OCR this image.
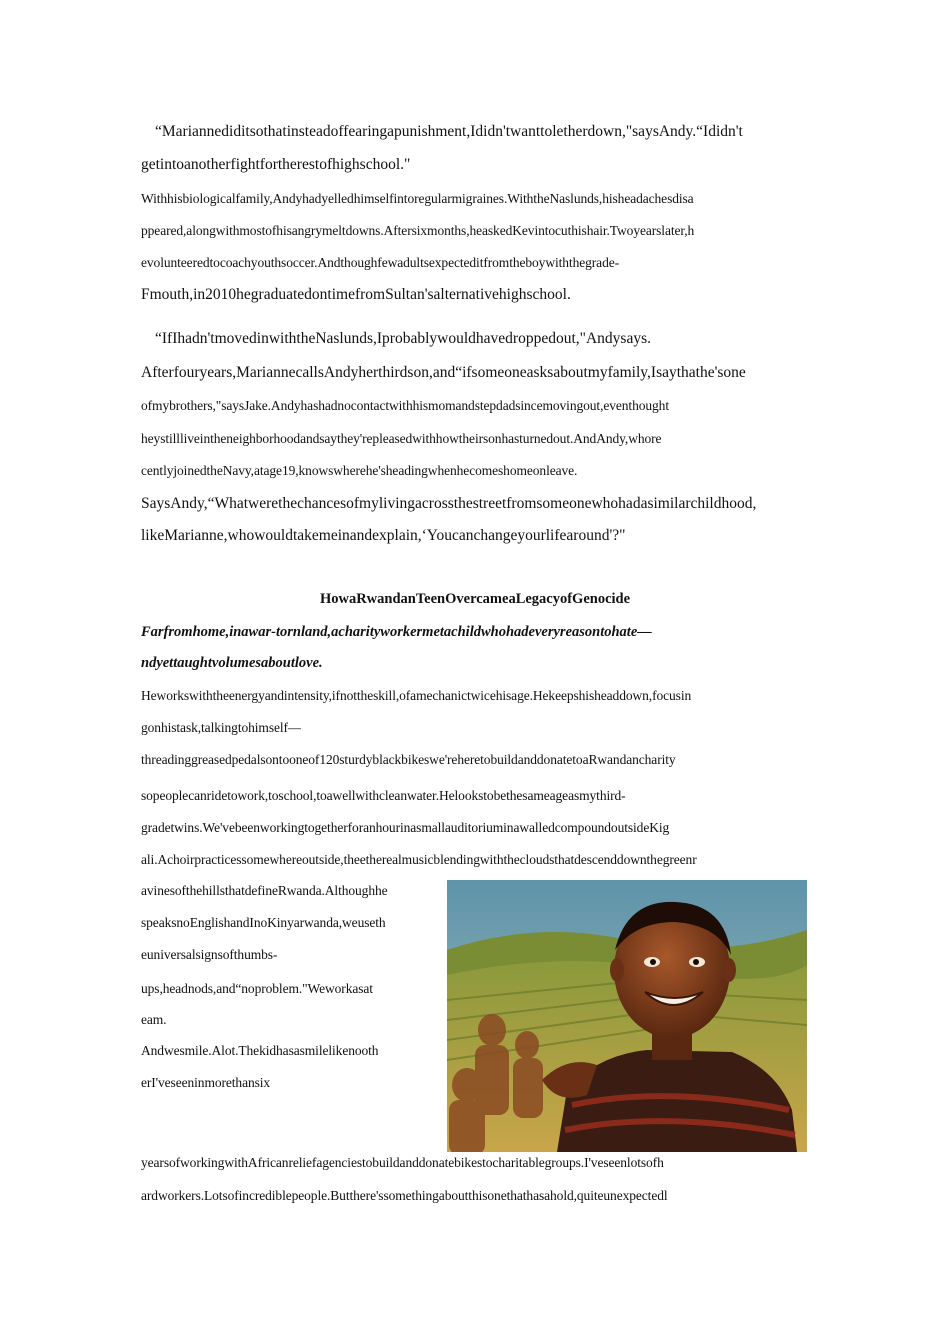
“Mariannediditsothatinsteadoffearingapunishment,Ididn'twanttoletherdown,"saysAndy.“Ididn't
getintoanotherfightfortherestofhighschool."
Withhisbiologicalfamily,Andyhadyelledhimselfintoregularmigraines.WiththeNaslunds,hisheadachesdisa
ppeared,alongwithmostofhisangrymeltdowns.Aftersixmonths,heaskedKevintocuthishair.Twoyearslater,h
evolunteeredtocoachyouthsoccer.Andthoughfewadultsexpecteditfromtheboywiththegrade-
Fmouth,in2010hegraduatedontimefromSultan'salternativehighschool.
“IfIhadn'tmovedinwiththeNaslunds,Iprobablywouldhavedroppedout,"Andysays.
Afterfouryears,MariannecallsAndyherthirdson,and“ifsomeoneasksaboutmyfamily,Isaythathe'sone
ofmybrothers,"saysJake.Andyhashadnocontactwithhismomandstepdadsincemovingout,eventhought
heystillliveintheneighborhoodandsaythey'repleasedwithhowtheirsonhasturnedout.AndAndy,whore
centlyjoinedtheNavy,atage19,knowswherehe'sheadingwhenhecomeshomeonleave.
SaysAndy,“Whatwerethechancesofmylivingacrossthestreetfromsomeonewhohadasimilarchildhood,
likeMarianne,whowouldtakemeinandexplain,‘Youcanchangeyourlifearound'?"
HowaRwandanTeenOvercameaLegacyofGenocide
Farfromhome,inawar-tornland,acharityworkermetachildwhohadeveryreasontohate—
ndyettaughtvolumesaboutlove.
Heworkswiththeenergyandintensity,ifnottheskill,ofamechanictwicehisage.Hekeepshisheaddown,focusin
gonhistask,talkingtohimself—
threadinggreasedpedalsontooneof120sturdyblackbikeswe'reheretobuildanddonatetoaRwandancharity
sopeoplecanridetowork,toschool,toawellwithcleanwater.Helookstobethesameageasmythird-
gradetwins.We'vebeenworkingtogetherforanhourinasmallauditoriuminawalledcompoundoutsideKig
ali.Achoirpracticessomewhereoutside,theetherealmusicblendingwiththecloudsthatdescenddownthegreenr
avinesofthehillsthatdefineRwanda.Althoughhe
speaksnoEnglishandInoKinyarwanda,weuseth
euniversalsignsofthumbs-
ups,headnods,and“noproblem."Weworkasat
eam.
Andwesmile.Alot.Thekidhasasmilelikenooth
erI'veseeninmorethansix
yearsofworkingwithAfricanreliefagenciestobuildanddonatebikestocharitablegroups.I'veseenlotsofh
ardworkers.Lotsofincrediblepeople.Butthere'ssomethingaboutthisonethathasahold,quiteunexpectedl
